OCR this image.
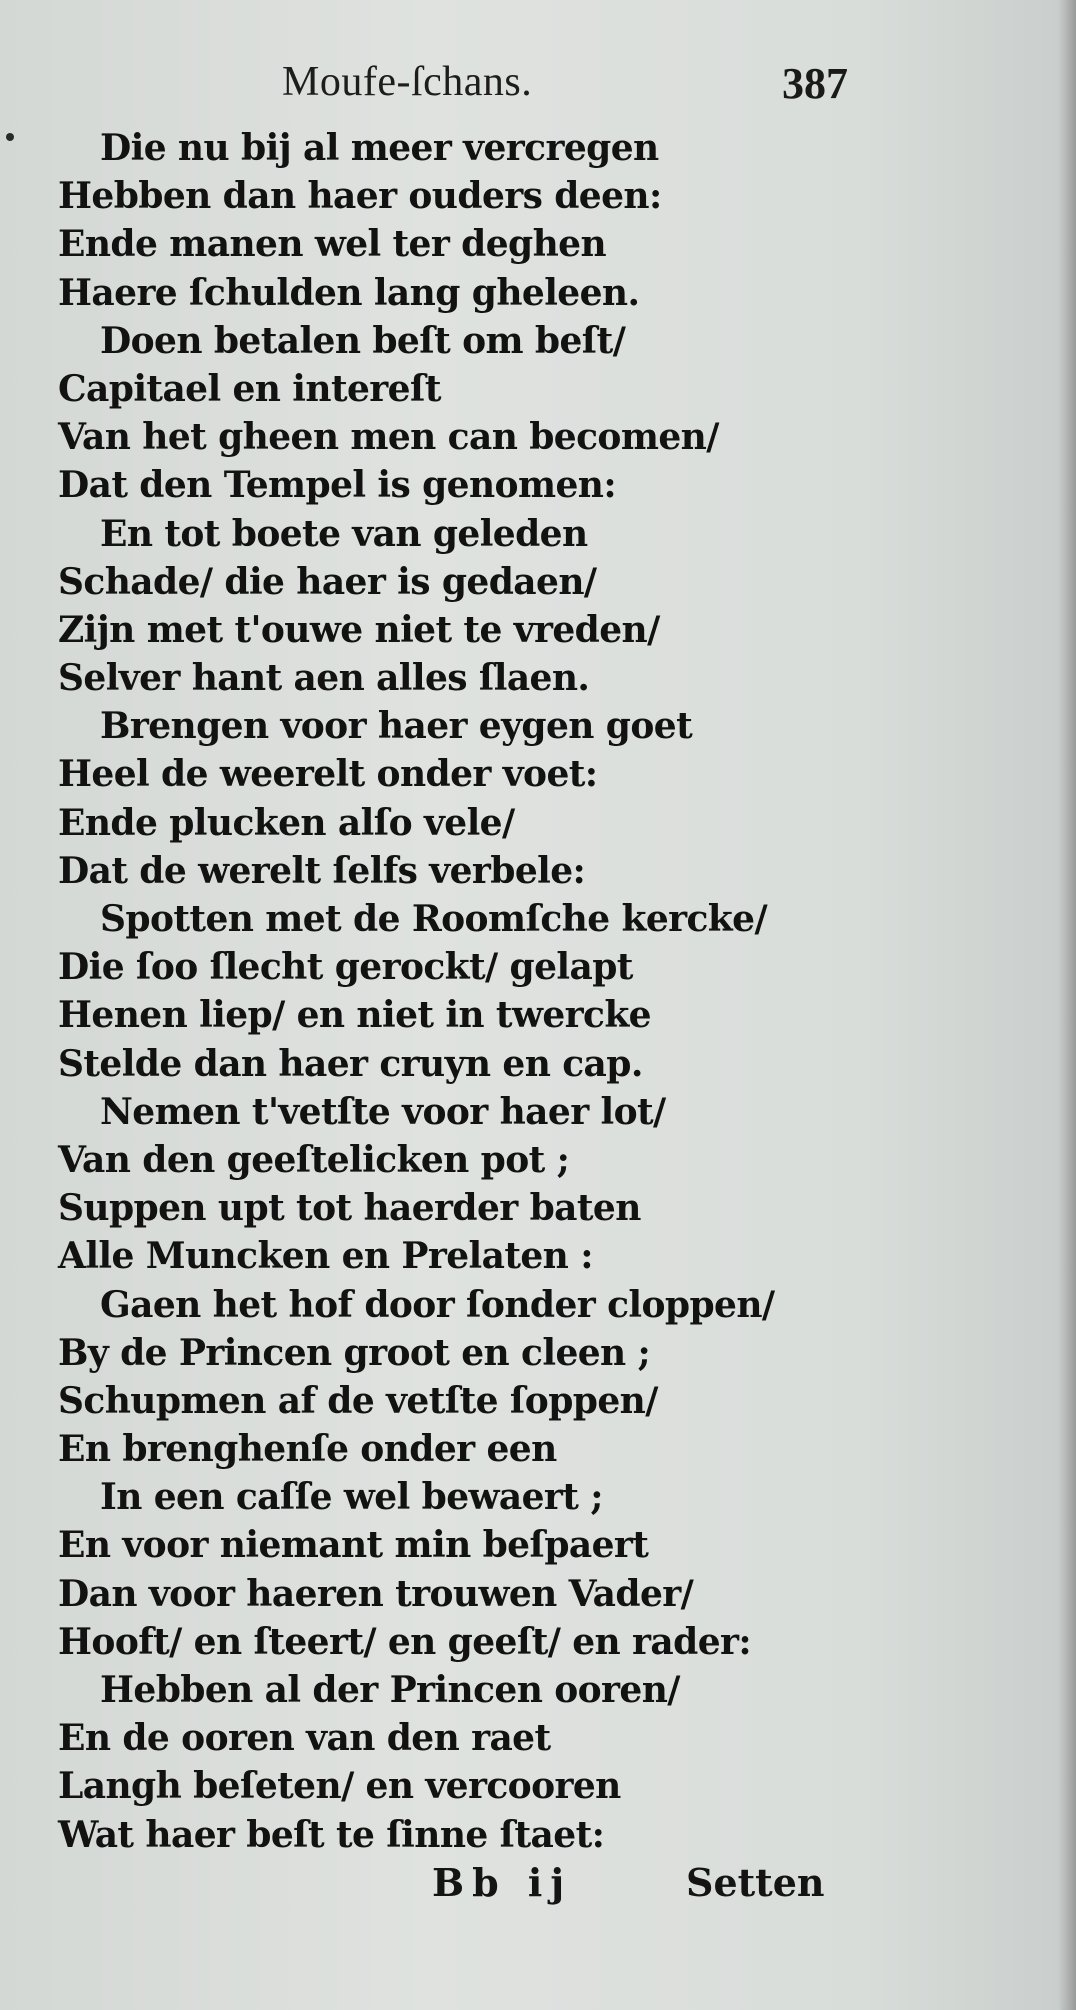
Moufe-ſchans.	387
Die nu bij al meer vercregen
Hebben dan haer ouders deen:
Ende manen wel ter deghen
Haere ſchulden lang gheleen.
Doen betalen beſt om beſt/
Capitael en intereſt
Van het gheen men can becomen/
Dat den Tempel is genomen:
En tot boete van geleden
Schade/ die haer is gedaen/
Zijn met t'ouwe niet te vreden/
Selver hant aen alles ſlaen.
Brengen voor haer eygen goet
Heel de weerelt onder voet:
Ende plucken alſo vele/
Dat de werelt ſelfs verbele:
Spotten met de Roomſche kercke/
Die ſoo ſlecht gerockt/ gelapt
Henen liep/ en niet in twercke
Stelde dan haer cruyn en cap.
Nemen t'vetſte voor haer lot/
Van den geeſtelicken pot ;
Suppen upt tot haerder baten
Alle Muncken en Prelaten :
Gaen het hof door ſonder cloppen/
By de Princen groot en cleen ;
Schupmen af de vetſte ſoppen/
En brenghenſe onder een
In een caſſe wel bewaert ;
En voor niemant min beſpaert
Dan voor haeren trouwen Vader/
Hooft/ en ſteert/ en geeſt/ en rader:
Hebben al der Princen ooren/
En de ooren van den raet
Langh beſeten/ en vercooren
Wat haer beſt te ſinne ſtaet:
Bb ij	Setten
